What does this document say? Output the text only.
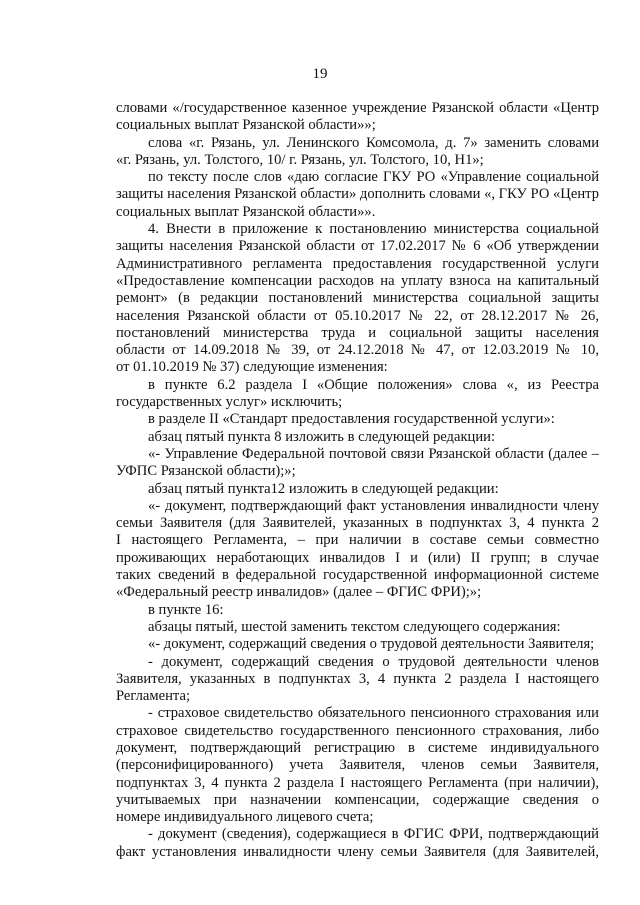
19
словами «/государственное казенное учреждение Рязанской области «Центр
социальных выплат Рязанской области»»;
слова «г. Рязань, ул. Ленинского Комсомола, д. 7» заменить словами
«г. Рязань, ул. Толстого, 10/ г. Рязань, ул. Толстого, 10, Н1»;
по тексту после слов «даю согласие ГКУ РО «Управление социальной
защиты населения Рязанской области» дополнить словами «, ГКУ РО «Центр
социальных выплат Рязанской области»».
4. Внести в приложение к постановлению министерства социальной
защиты населения Рязанской области от 17.02.2017 № 6 «Об утверждении
Административного регламента предоставления государственной услуги
«Предоставление компенсации расходов на уплату взноса на капитальный
ремонт» (в редакции постановлений министерства социальной защиты
населения Рязанской области от 05.10.2017 № 22, от 28.12.2017 № 26,
постановлений министерства труда и социальной защиты населения
области от 14.09.2018 № 39, от 24.12.2018 № 47, от 12.03.2019 № 10,
от 01.10.2019 № 37) следующие изменения:
в пункте 6.2 раздела I «Общие положения» слова «, из Реестра
государственных услуг» исключить;
в разделе II «Стандарт предоставления государственной услуги»:
абзац пятый пункта 8 изложить в следующей редакции:
«- Управление Федеральной почтовой связи Рязанской области (далее –
УФПС Рязанской области);»;
абзац пятый пункта12 изложить в следующей редакции:
«- документ, подтверждающий факт установления инвалидности члену
семьи Заявителя (для Заявителей, указанных в подпунктах 3, 4 пункта 2
I настоящего Регламента, – при наличии в составе семьи совместно
проживающих неработающих инвалидов I и (или) II групп; в случае
таких сведений в федеральной государственной информационной системе
«Федеральный реестр инвалидов» (далее – ФГИС ФРИ);»;
в пункте 16:
абзацы пятый, шестой заменить текстом следующего содержания:
«- документ, содержащий сведения о трудовой деятельности Заявителя;
- документ, содержащий сведения о трудовой деятельности членов
Заявителя, указанных в подпунктах 3, 4 пункта 2 раздела I настоящего
Регламента;
- страховое свидетельство обязательного пенсионного страхования или
страховое свидетельство государственного пенсионного страхования, либо
документ, подтверждающий регистрацию в системе индивидуального
(персонифицированного) учета Заявителя, членов семьи Заявителя,
подпунктах 3, 4 пункта 2 раздела I настоящего Регламента (при наличии),
учитываемых при назначении компенсации, содержащие сведения о
номере индивидуального лицевого счета;
- документ (сведения), содержащиеся в ФГИС ФРИ, подтверждающий
факт установления инвалидности члену семьи Заявителя (для Заявителей,
